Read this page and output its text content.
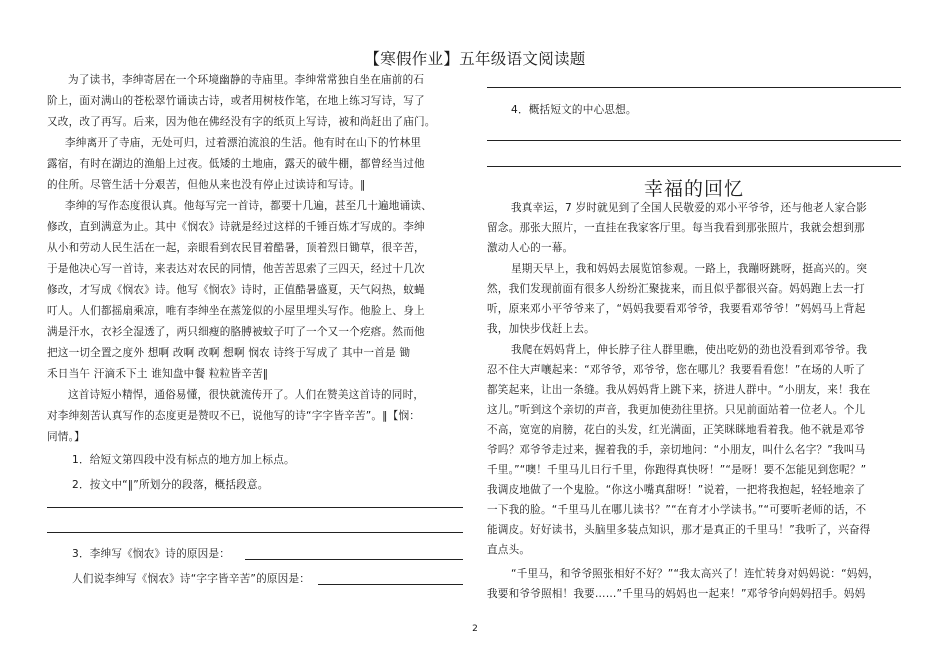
【寒假作业】五年级语文阅读题
为了读书，李绅寄居在一个环境幽静的寺庙里。李绅常常独自坐在庙前的石
阶上，面对满山的苍松翠竹诵读古诗，或者用树枝作笔，在地上练习写诗，写了
又改，改了再写。后来，因为他在佛经没有字的纸页上写诗，被和尚赶出了庙门。
李绅离开了寺庙，无处可归，过着漂泊流浪的生活。他有时在山下的竹林里
露宿，有时在湖边的渔船上过夜。低矮的土地庙，露天的破牛棚，都曾经当过他
的住所。尽管生活十分艰苦，但他从来也没有停止过读诗和写诗。‖
李绅的写作态度很认真。他每写完一首诗，都要十几遍，甚至几十遍地诵读、
修改，直到满意为止。其中《悯农》诗就是经过这样的千锤百炼才写成的。李绅
从小和劳动人民生活在一起，亲眼看到农民冒着酷暑，顶着烈日锄草，很辛苦，
于是他决心写一首诗，来表达对农民的同情，他苦苦思索了三四天，经过十几次
修改，才写成《悯农》诗。他写《悯农》诗时，正值酷暑盛夏，天气闷热，蚊蝇
叮人。人们都摇扇乘凉，唯有李绅坐在蒸笼似的小屋里埋头写作。他脸上、身上
满是汗水，衣衫全湿透了，两只细瘦的胳膊被蚊子叮了一个又一个疙瘩。然而他
把这一切全置之度外 想啊 改啊 改啊 想啊 悯农 诗终于写成了 其中一首是 锄
禾日当午 汗滴禾下土 谁知盘中餐 粒粒皆辛苦‖
这首诗短小精悍，通俗易懂，很快就流传开了。人们在赞美这首诗的同时，
对李绅刻苦认真写作的态度更是赞叹不已，说他写的诗“字字皆辛苦”。‖【悯：
同情。】
1．给短文第四段中没有标点的地方加上标点。
2．按文中“‖”所划分的段落，概括段意。
3．李绅写《悯农》诗的原因是：
人们说李绅写《悯农》诗“字字皆辛苦”的原因是：
4．概括短文的中心思想。
幸福的回忆
我真幸运，7 岁时就见到了全国人民敬爱的邓小平爷爷，还与他老人家合影
留念。那张大照片，一直挂在我家客厅里。每当我看到那张照片，我就会想到那
激动人心的一幕。
星期天早上，我和妈妈去展览馆参观。一路上，我蹦呀跳呀，挺高兴的。突
然，我们发现前面有很多人纷纷汇聚拢来，而且似乎都很兴奋。妈妈跑上去一打
听，原来邓小平爷爷来了，“妈妈我要看邓爷爷，我要看邓爷爷！”妈妈马上背起
我，加快步伐赶上去。
我爬在妈妈背上，伸长脖子往人群里瞧，使出吃奶的劲也没看到邓爷爷。我
忍不住大声嚷起来：“邓爷爷，邓爷爷，您在哪儿？我要看看您！”在场的人听了
都笑起来，让出一条缝。我从妈妈背上跳下来，挤进人群中。“小朋友，来！我在
这儿。”听到这个亲切的声音，我更加使劲往里挤。只见前面站着一位老人。个儿
不高，宽宽的肩膀，花白的头发，红光满面，正笑眯眯地看着我。他不就是邓爷
爷吗？邓爷爷走过来，握着我的手，亲切地问：“小朋友，叫什么名字？”我叫马
千里。”“噢！千里马儿日行千里，你跑得真快呀！”“是呀！要不怎能见到您呢？”
我调皮地做了一个鬼脸。“你这小嘴真甜呀！”说着，一把将我抱起，轻轻地亲了
一下我的脸。“千里马儿在哪儿读书？”“在育才小学读书。”“可要听老师的话，不
能调皮。好好读书，头脑里多装点知识，那才是真正的千里马！”我听了，兴奋得
直点头。
“千里马，和爷爷照张相好不好？”“我太高兴了！连忙转身对妈妈说：“妈妈，
我要和爷爷照相！我要……”千里马的妈妈也一起来！”邓爷爷向妈妈招手。妈妈
2
